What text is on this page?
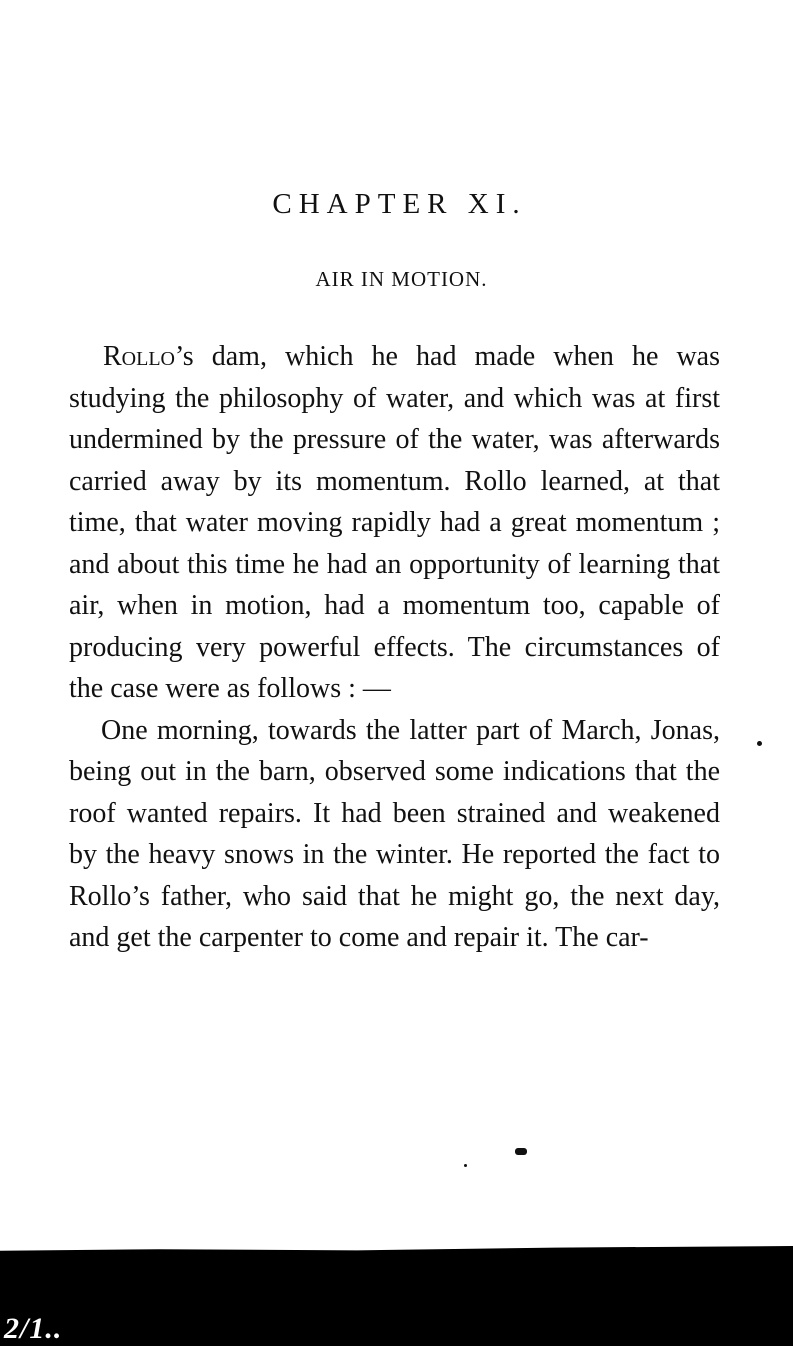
CHAPTER XI.
AIR IN MOTION.

Rollo’s dam, which he had made when he was studying the philosophy of water, and which was at first undermined by the pressure of the water, was afterwards carried away by its momentum. Rollo learned, at that time, that water moving rapidly had a great momentum ; and about this time he had an opportunity of learning that air, when in motion, had a momentum too, capable of producing very powerful effects. The circumstances of the case were as follows : —

One morning, towards the latter part of March, Jonas, being out in the barn, observed some indications that the roof wanted repairs. It had been strained and weakened by the heavy snows in the winter. He reported the fact to Rollo’s father, who said that he might go, the next day, and get the carpenter to come and repair it. The car-

2/1..
